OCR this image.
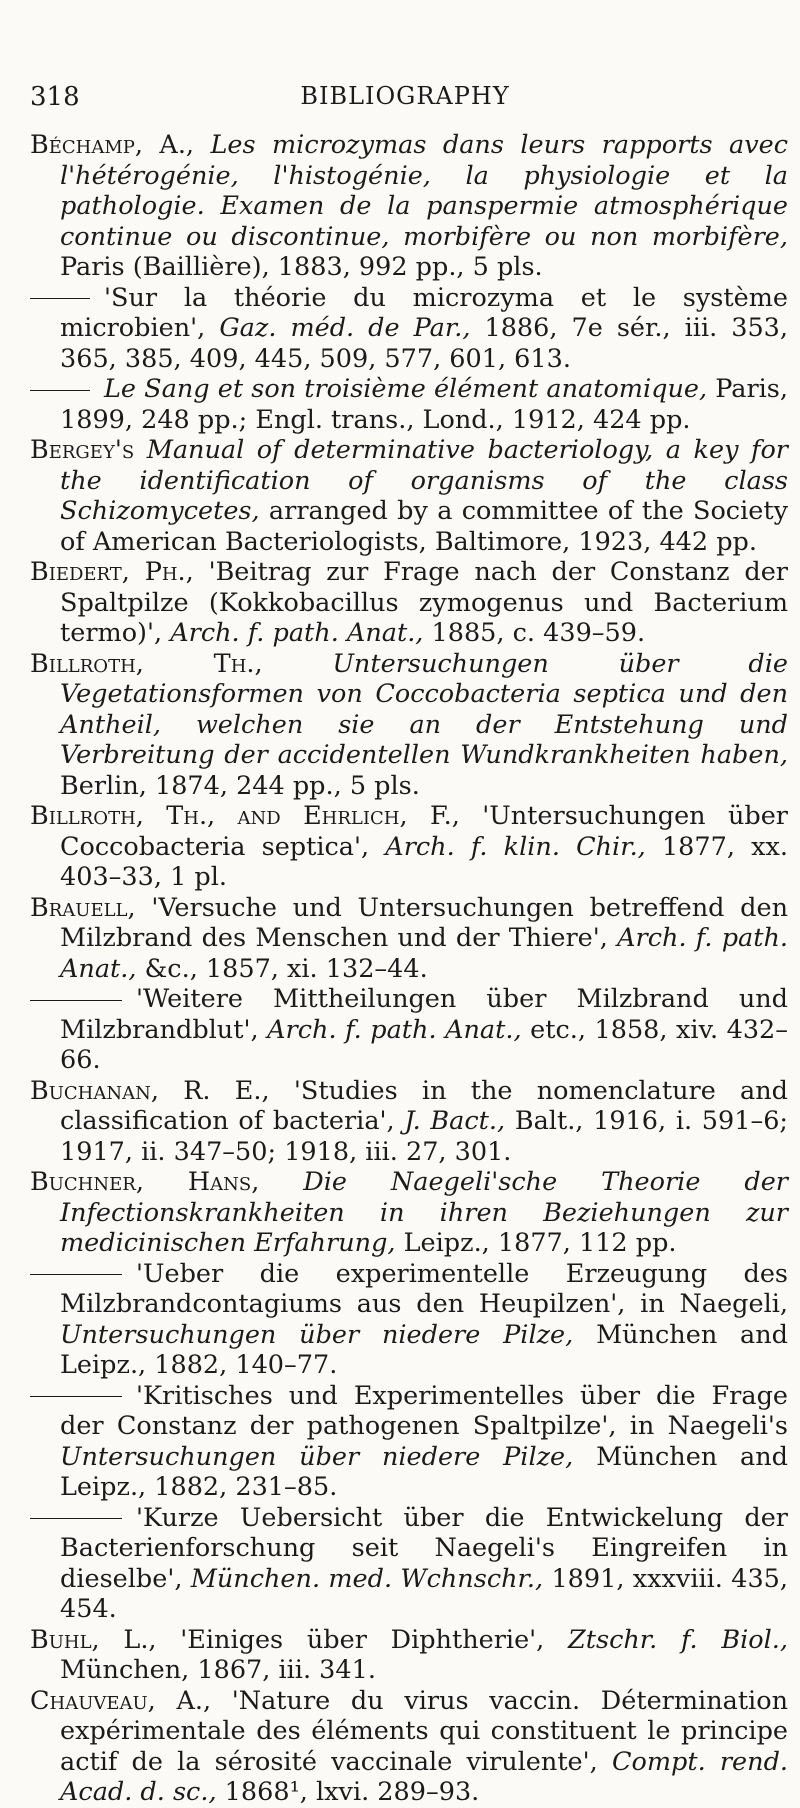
318	BIBLIOGRAPHY

Béchamp, A., Les microzymas dans leurs rapports avec l'hétérogénie, l'histogénie, la physiologie et la pathologie. Examen de la panspermie atmosphérique continue ou discontinue, morbifère ou non morbifère, Paris (Baillière), 1883, 992 pp., 5 pls.

'Sur la théorie du microzyma et le système microbien', Gaz. méd. de Par., 1886, 7e sér., iii. 353, 365, 385, 409, 445, 509, 577, 601, 613.

Le Sang et son troisième élément anatomique, Paris, 1899, 248 pp.; Engl. trans., Lond., 1912, 424 pp.

Bergey's Manual of determinative bacteriology, a key for the identification of organisms of the class Schizomycetes, arranged by a committee of the Society of American Bacteriologists, Baltimore, 1923, 442 pp.

Biedert, Ph., 'Beitrag zur Frage nach der Constanz der Spaltpilze (Kokkobacillus zymogenus und Bacterium termo)', Arch. f. path. Anat., 1885, c. 439–59.

Billroth, Th.,	Untersuchungen über die Vegetationsformen von Coccobacteria septica und den Antheil, welchen sie an der Entstehung und Verbreitung der accidentellen Wundkrankheiten haben, Berlin, 1874, 244 pp., 5 pls.

Billroth, Th., and Ehrlich, F., 'Untersuchungen über Coccobacteria septica', Arch. f. klin. Chir., 1877, xx. 403–33, 1 pl.

Brauell, 'Versuche und Untersuchungen betreffend den Milzbrand des Menschen und der Thiere', Arch. f. path. Anat., &c., 1857, xi. 132–44.

'Weitere Mittheilungen über Milzbrand und Milzbrandblut', Arch. f. path. Anat., etc., 1858, xiv. 432–66.

Buchanan, R. E., 'Studies in the nomenclature and classification of bacteria', J. Bact., Balt., 1916, i. 591–6; 1917, ii. 347–50; 1918, iii. 27, 301.

Buchner, Hans, Die Naegeli'sche Theorie der Infectionskrankheiten in ihren Beziehungen zur medicinischen Erfahrung, Leipz., 1877, 112 pp.

'Ueber die experimentelle Erzeugung des Milzbrandcontagiums aus den Heupilzen', in Naegeli, Untersuchungen über niedere Pilze, München and Leipz., 1882, 140–77.

'Kritisches und Experimentelles über die Frage der Constanz der pathogenen Spaltpilze', in Naegeli's Untersuchungen über niedere Pilze, München and Leipz., 1882, 231–85.

'Kurze Uebersicht über die Entwickelung der Bacterienforschung seit Naegeli's Eingreifen in dieselbe', München. med. Wchnschr., 1891, xxxviii. 435, 454.

Buhl, L., 'Einiges über Diphtherie', Ztschr. f. Biol., München, 1867, iii. 341.

Chauveau, A., 'Nature du virus vaccin. Détermination expérimentale des éléments qui constituent le principe actif de la sérosité vaccinale virulente', Compt. rend. Acad. d. sc., 1868¹, lxvi. 289–93.
